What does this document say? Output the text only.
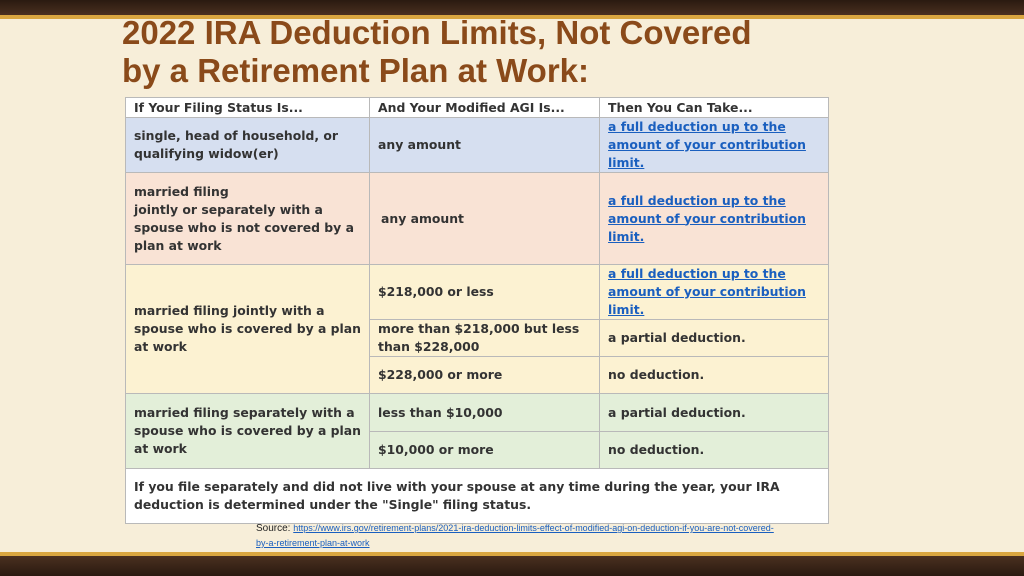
2022 IRA Deduction Limits, Not Covered
by a Retirement Plan at Work:
If Your Filing Status Is...	And Your Modified AGI Is...	Then You Can Take...
single, head of household, or qualifying widow(er)	any amount	a full deduction up to the amount of your contribution limit.

married filing
jointly or separately with a spouse who is not covered by a plan at work	any amount	a full deduction up to the amount of your contribution limit.
married filing jointly with a spouse who is covered by a plan at work	$218,000 or less	a full deduction up to the amount of your contribution limit.
	more than $218,000 but less than $228,000	a partial deduction.
	$228,000 or more	no deduction.
married filing separately with a spouse who is covered by a plan at work	less than $10,000	a partial deduction.
	$10,000 or more	no deduction.
If you file separately and did not live with your spouse at any time during the year, your IRA deduction is determined under the "Single" filing status.		
Source: https://www.irs.gov/retirement-plans/2021-ira-deduction-limits-effect-of-modified-agi-on-deduction-if-you-are-not-covered-by-a-retirement-plan-at-work
